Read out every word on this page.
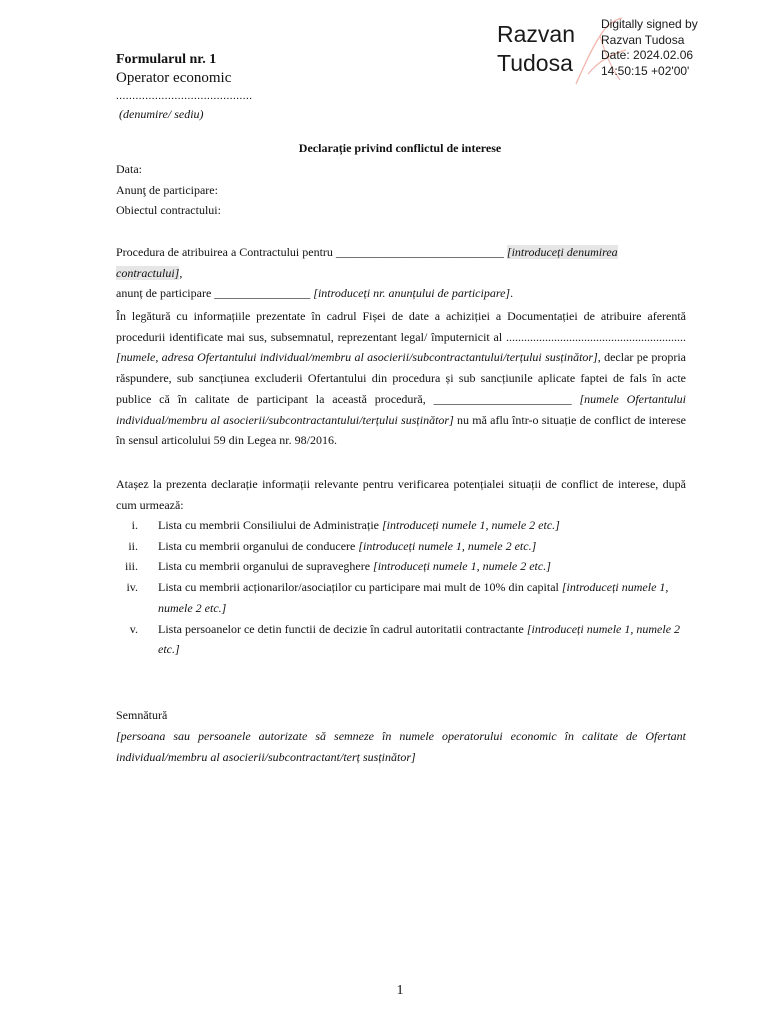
Formularul nr. 1
Operator economic
..........................................
(denumire/ sediu)
Razvan
Tudosa
Digitally signed by
Razvan Tudosa
Date: 2024.02.06
14:50:15 +02'00'
Declarație privind conflictul de interese
Data:
Anunţ de participare:
Obiectul contractului:
Procedura de atribuirea a Contractului pentru ____________________________ [introduceți denumirea contractului],
anunț de participare ________________ [introduceți nr. anunțului de participare].
În legătură cu informațiile prezentate în cadrul Fișei de date a achiziției a Documentației de atribuire aferentă procedurii identificate mai sus, subsemnatul, reprezentant legal/ împuternicit al ............................................................ [numele, adresa Ofertantului individual/membru al asocierii/subcontractantului/terțului susținător], declar pe propria răspundere, sub sancțiunea excluderii Ofertantului din procedura și sub sancțiunile aplicate faptei de fals în acte publice că în calitate de participant la această procedură, _______________________ [numele Ofertantului individual/membru al asocierii/subcontractantului/terțului susținător] nu mă aflu într-o situație de conflict de interese în sensul articolului 59 din Legea nr. 98/2016.
Atașez la prezenta declarație informații relevante pentru verificarea potențialei situații de conflict de interese, după cum urmează:
i. Lista cu membrii Consiliului de Administrație [introduceți numele 1, numele 2 etc.]
ii. Lista cu membrii organului de conducere [introduceți numele 1, numele 2 etc.]
iii. Lista cu membrii organului de supraveghere [introduceți numele 1, numele 2 etc.]
iv. Lista cu membrii acționarilor/asociaților cu participare mai mult de 10% din capital [introduceți numele 1, numele 2 etc.]
v. Lista persoanelor ce detin functii de decizie în cadrul autoritatii contractante [introduceți numele 1, numele 2 etc.]
Semnătură
[persoana sau persoanele autorizate să semneze în numele operatorului economic în calitate de Ofertant individual/membru al asocierii/subcontractant/terț susținător]
1
